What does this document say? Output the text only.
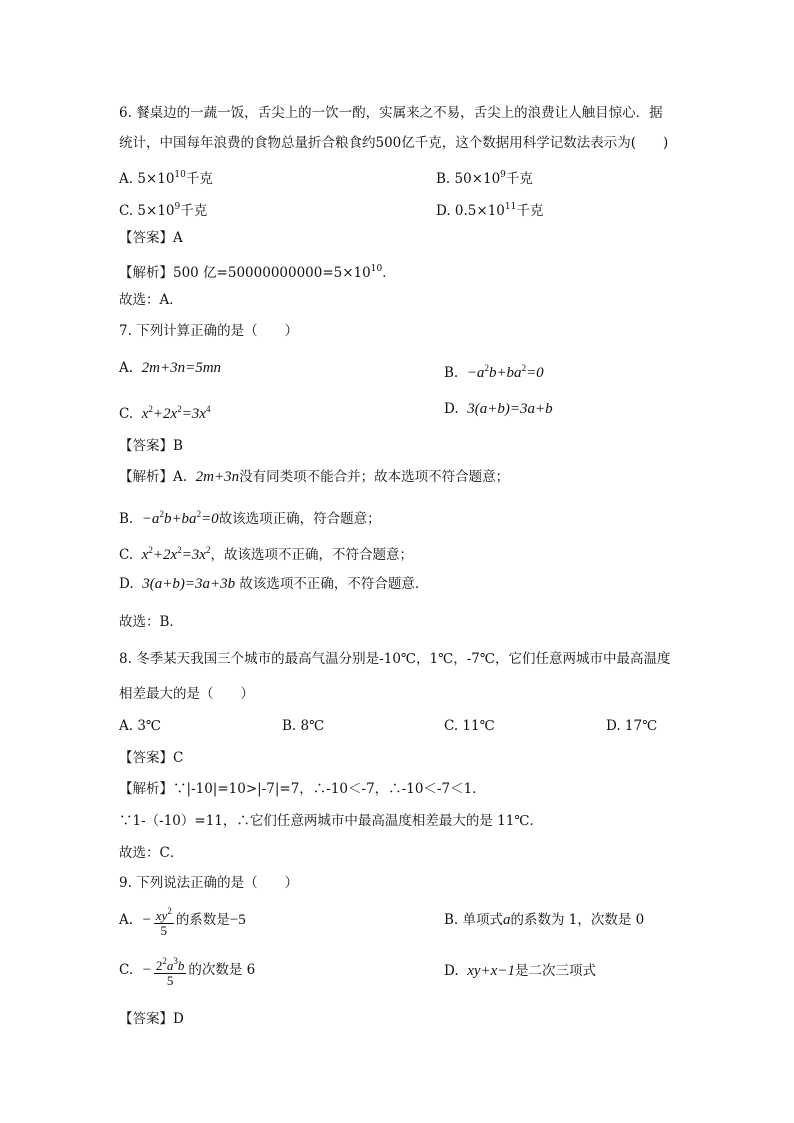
6. 餐桌边的一蔬一饭，舌尖上的一饮一酌，实属来之不易，舌尖上的浪费让人触目惊心．据
统计，中国每年浪费的食物总量折合粮食约500亿千克，这个数据用科学记数法表示为(　　)
A. $5\times 10^{10}$千克	B. $50\times 10^9$千克
C. $5\times 10^9$千克	D. $0.5\times 10^{11}$千克
【答案】A
【解析】500 亿$=50000000000=5\times 10^{10}$．
故选：A．
7. 下列计算正确的是（　　）
A. 2m+3n=5mn	B. $-a^2b+ba^2=0$
C. $x^2+2x^2=3x^4$	D. 3(a+b)=3a+b
【答案】B
【解析】A. 2m+3n没有同类项不能合并；故本选项不符合题意；
B. $-a^2b+ba^2=0$故该选项正确，符合题意；
C. $x^2+2x^2=3x^2$，故该选项不正确，不符合题意；
D. 3(a+b)=3a+3b 故该选项不正确，不符合题意.
故选：B．
8. 冬季某天我国三个城市的最高气温分别是-10℃，1℃，-7℃，它们任意两城市中最高温度
相差最大的是（　　）
A. 3℃	B. 8℃	C. 11℃	D. 17℃
【答案】C
【解析】∵|-10|=10>|-7|=7，∴-10＜-7，∴-10＜-7＜1．
∵1-（-10）=11，∴它们任意两城市中最高温度相差最大的是 11℃．
故选：C．
9. 下列说法正确的是（　　）
A. − $\frac{xy^2}{5}$ 的系数是−5	B. 单项式a的系数为 1，次数是 0
C. − $\frac{2^2a^3b}{5}$ 的次数是 6	D. xy+x−1是二次三项式
【答案】D
